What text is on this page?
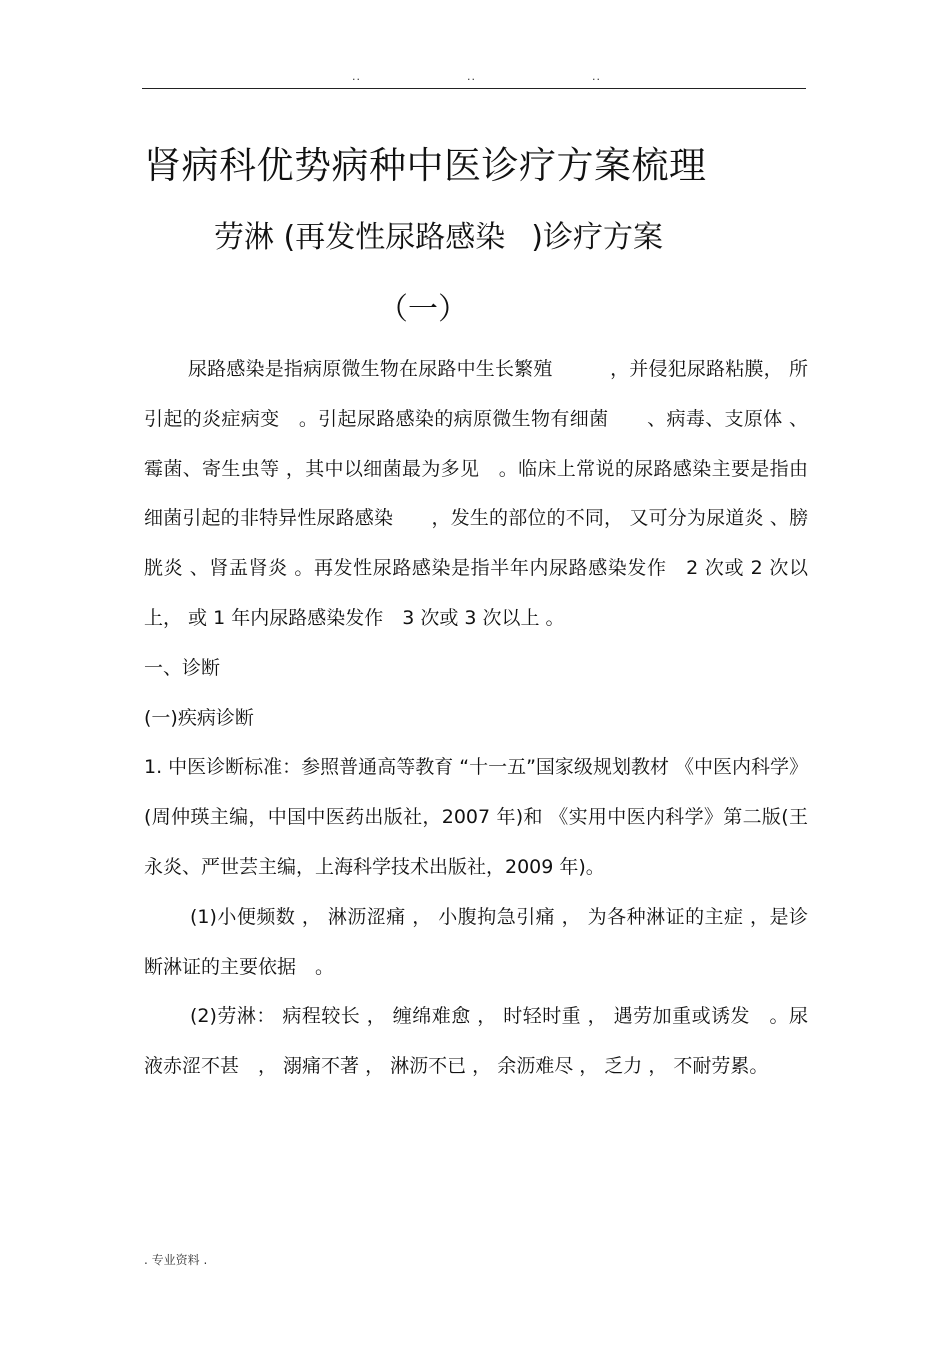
..	..	..
肾病科优势病种中医诊疗方案梳理
劳淋 (再发性尿路感染 )诊疗方案
（一）

尿路感染是指病原微生物在尿路中生长繁殖　　　，并侵犯尿路粘膜， 所引起的炎症病变　。引起尿路感染的病原微生物有细菌　　、病毒、支原体 、霉菌、寄生虫等 ，其中以细菌最为多见　。临床上常说的尿路感染主要是指由细菌引起的非特异性尿路感染　　，发生的部位的不同， 又可分为尿道炎 、膀胱炎 、肾盂肾炎 。再发性尿路感染是指半年内尿路感染发作　2 次或 2 次以上， 或 1 年内尿路感染发作　3 次或 3 次以上 。

一、诊断

(一)疾病诊断

1. 中医诊断标准：参照普通高等教育 “十一五”国家级规划教材 《中医内科学》(周仲瑛主编，中国中医药出版社，2007 年)和 《实用中医内科学》第二版(王永炎、严世芸主编，上海科学技术出版社，2009 年)。

(1)小便频数 ， 淋沥涩痛 ， 小腹拘急引痛 ， 为各种淋证的主症 ，是诊断淋证的主要依据　。

(2)劳淋： 病程较长 ， 缠绵难愈 ， 时轻时重 ， 遇劳加重或诱发　。尿液赤涩不甚　， 溺痛不著 ， 淋沥不已 ， 余沥难尽 ， 乏力 ， 不耐劳累。

. 专业资料 .
